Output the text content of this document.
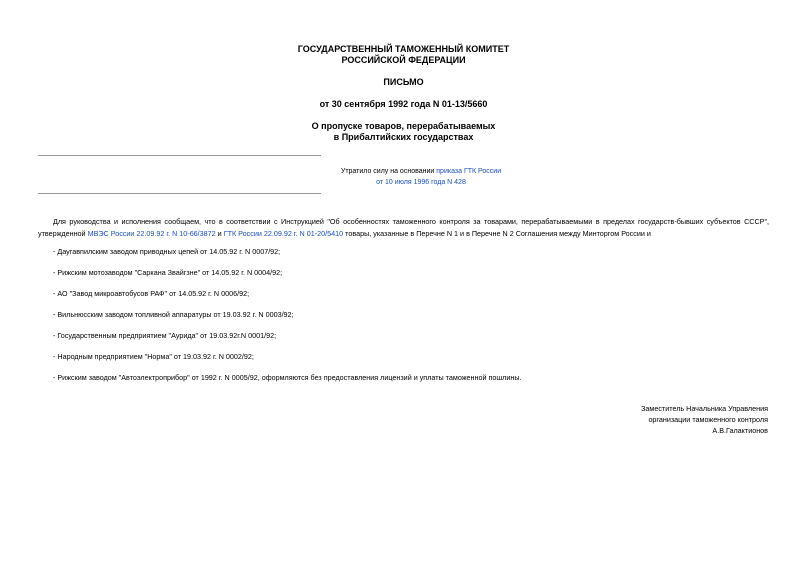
ГОСУДАРСТВЕННЫЙ ТАМОЖЕННЫЙ КОМИТЕТ
РОССИЙСКОЙ ФЕДЕРАЦИИ
ПИСЬМО
от 30 сентября 1992 года N 01-13/5660
О пропуске товаров, перерабатываемых
в Прибалтийских государствах
Утратило силу на основании приказа ГТК России
от 10 июля 1996 года N 428

Для руководства и исполнения сообщаем, что в соответствии с Инструкцией "Об особенностях таможенного контроля за товарами, перерабатываемыми в пределах государств-бывших субъектов СССР", утвержденной МВЭС России 22.09.92 г. N 10-66/3872 и ГТК России 22.09.92 г. N 01-20/5410 товары, указанные в Перечне N 1 и в Перечне N 2 Соглашения между Минторгом России и

- Даугавпилским заводом приводных цепей от 14.05.92 г. N 0007/92;
- Рижским мотозаводом "Саркана Звайгзне" от 14.05.92 г. N 0004/92;
- АО "Завод микроавтобусов РАФ" от 14.05.92 г. N 0006/92;
- Вильнюсским заводом топливной аппаратуры от 19.03.92 г. N 0003/92;
- Государственным предприятием "Аурида" от 19.03.92г.N 0001/92;
- Народным предприятием "Норма" от 19.03.92 г. N 0002/92;
- Рижским заводом "Автоэлектроприбор" от 1992 г. N 0005/92, оформляются без предоставления лицензий и уплаты таможенной пошлины.
Заместитель Начальника Управления
организации таможенного контроля
А.В.Галактионов
